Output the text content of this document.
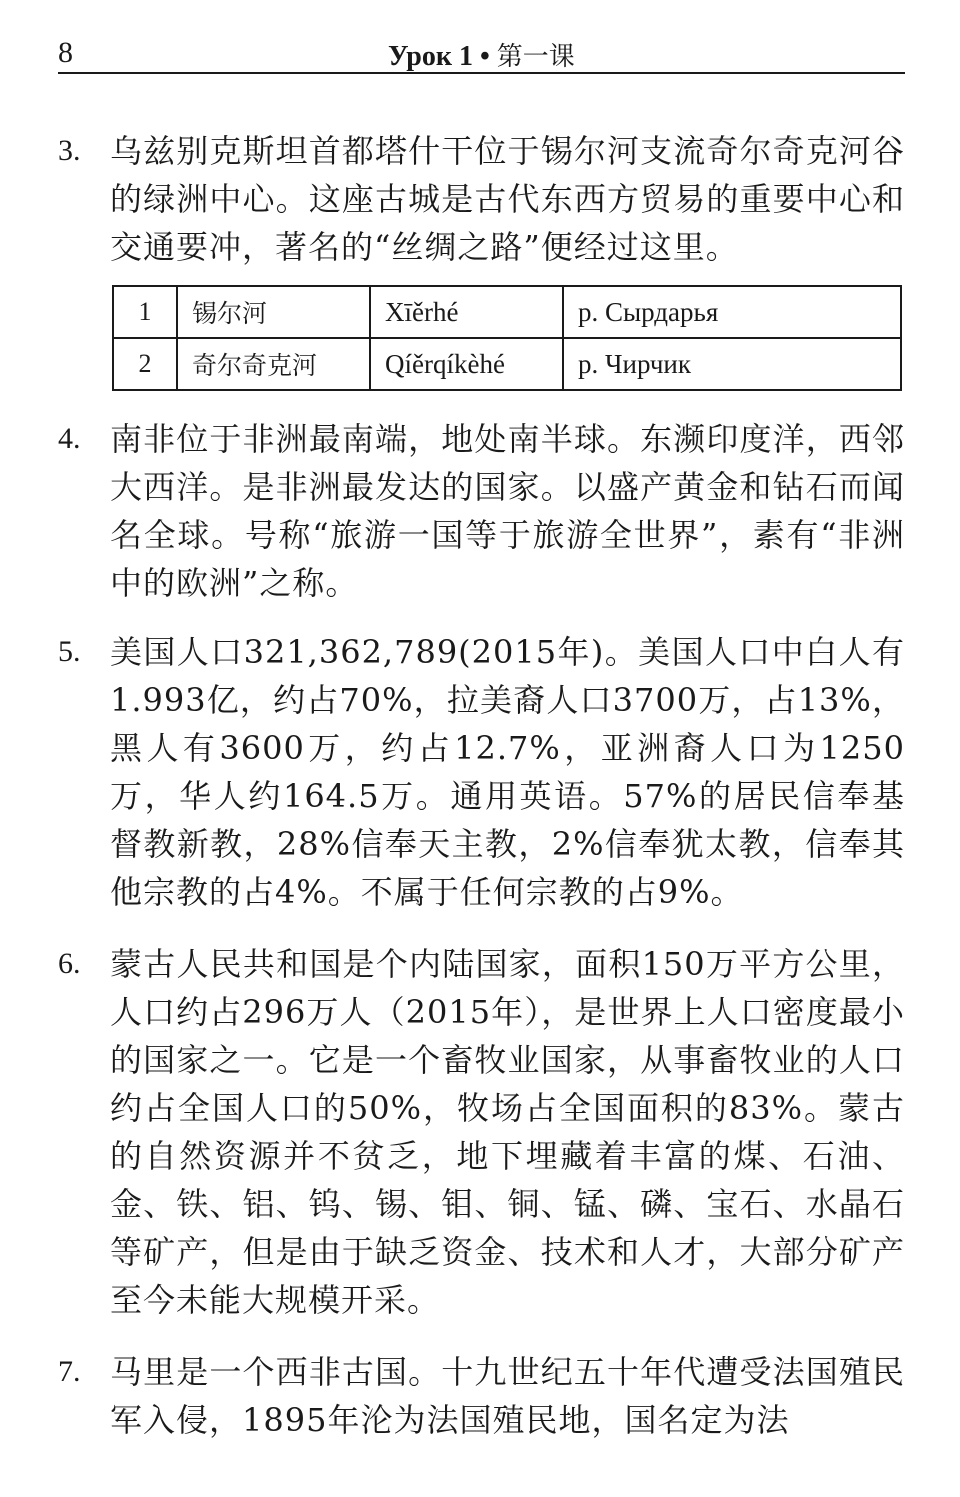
8	Урок 1 • 第一课
3. 乌兹别克斯坦首都塔什干位于锡尔河支流奇尔奇克河谷的绿洲中心。这座古城是古代东西方贸易的重要中心和交通要冲，著名的“丝绸之路”便经过这里。
1	锡尔河	Xīěrhé	р. Сырдарья
2	奇尔奇克河	Qíěrqíkèhé	р. Чирчик
4. 南非位于非洲最南端，地处南半球。东濒印度洋，西邻大西洋。是非洲最发达的国家。以盛产黄金和钻石而闻名全球。号称“旅游一国等于旅游全世界”，素有“非洲中的欧洲”之称。
5. 美国人口321,362,789(2015年)。美国人口中白人有1.993亿，约占70%，拉美裔人口3700万，占13%，黑人有3600万，约占12.7%，亚洲裔人口为1250万，华人约164.5万。通用英语。57%的居民信奉基督教新教，28%信奉天主教，2%信奉犹太教，信奉其他宗教的占4%。不属于任何宗教的占9%。
6. 蒙古人民共和国是个内陆国家，面积150万平方公里，人口约占296万人（2015年），是世界上人口密度最小的国家之一。它是一个畜牧业国家，从事畜牧业的人口约占全国人口的50%，牧场占全国面积的83%。蒙古的自然资源并不贫乏，地下埋藏着丰富的煤、石油、金、铁、铝、钨、锡、钼、铜、锰、磷、宝石、水晶石等矿产，但是由于缺乏资金、技术和人才，大部分矿产至今未能大规模开采。
7. 马里是一个西非古国。十九世纪五十年代遭受法国殖民军入侵，1895年沦为法国殖民地，国名定为法
